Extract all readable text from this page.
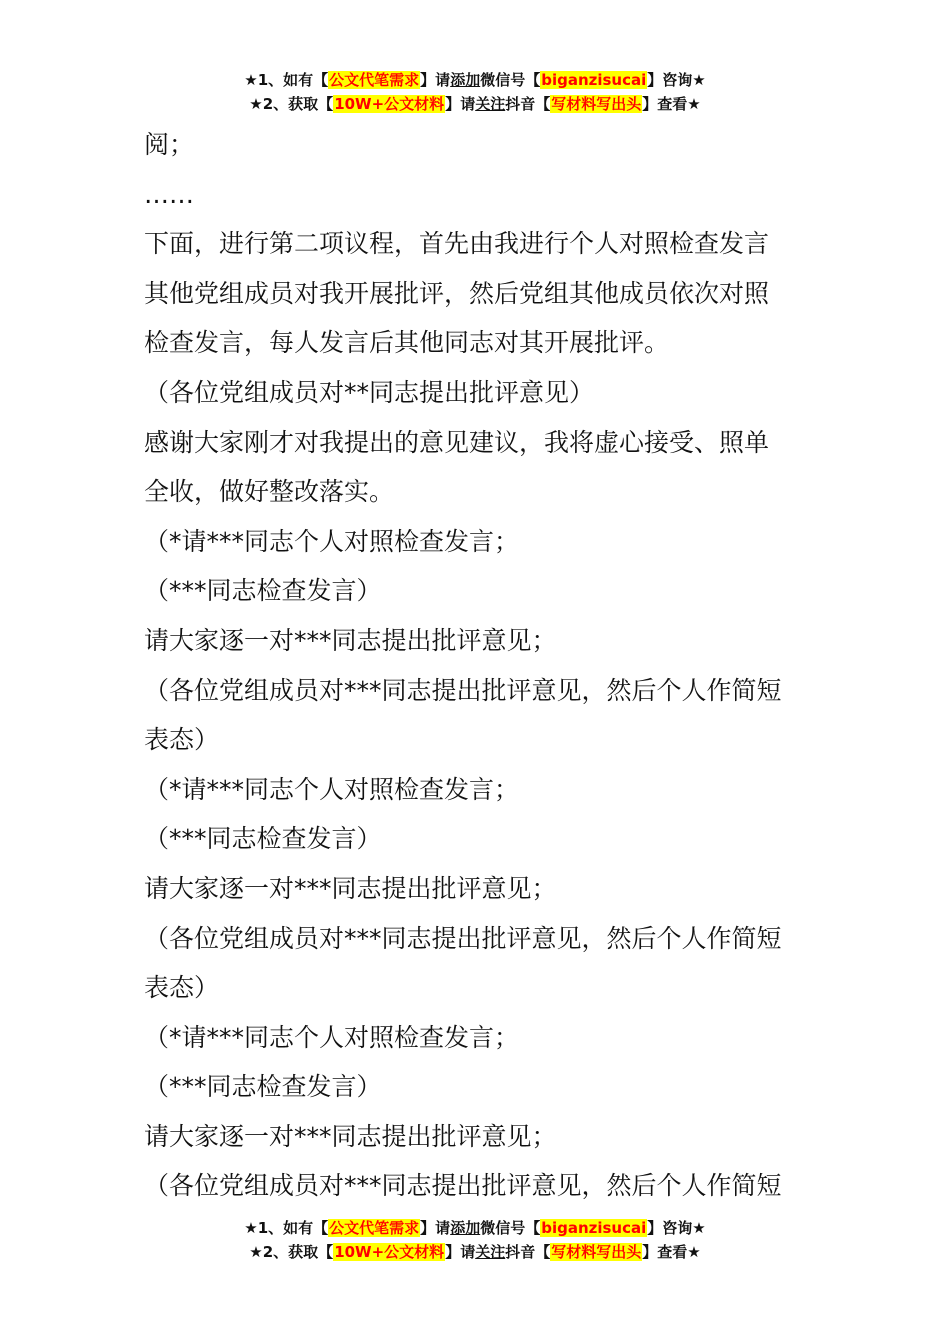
★1、如有【公文代笔需求】请添加微信号【biganzisucai】咨询★
★2、获取【10W+公文材料】请关注抖音【写材料写出头】查看★

阅；

……

下面，进行第二项议程，首先由我进行个人对照检查发言

其他党组成员对我开展批评，然后党组其他成员依次对照

检查发言，每人发言后其他同志对其开展批评。

（各位党组成员对**同志提出批评意见）

感谢大家刚才对我提出的意见建议，我将虚心接受、照单

全收，做好整改落实。

（*请***同志个人对照检查发言；

（***同志检查发言）

请大家逐一对***同志提出批评意见；

（各位党组成员对***同志提出批评意见，然后个人作简短

表态）

（*请***同志个人对照检查发言；

（***同志检查发言）

请大家逐一对***同志提出批评意见；

（各位党组成员对***同志提出批评意见，然后个人作简短

表态）

（*请***同志个人对照检查发言；

（***同志检查发言）

请大家逐一对***同志提出批评意见；

（各位党组成员对***同志提出批评意见，然后个人作简短

★1、如有【公文代笔需求】请添加微信号【biganzisucai】咨询★
★2、获取【10W+公文材料】请关注抖音【写材料写出头】查看★
